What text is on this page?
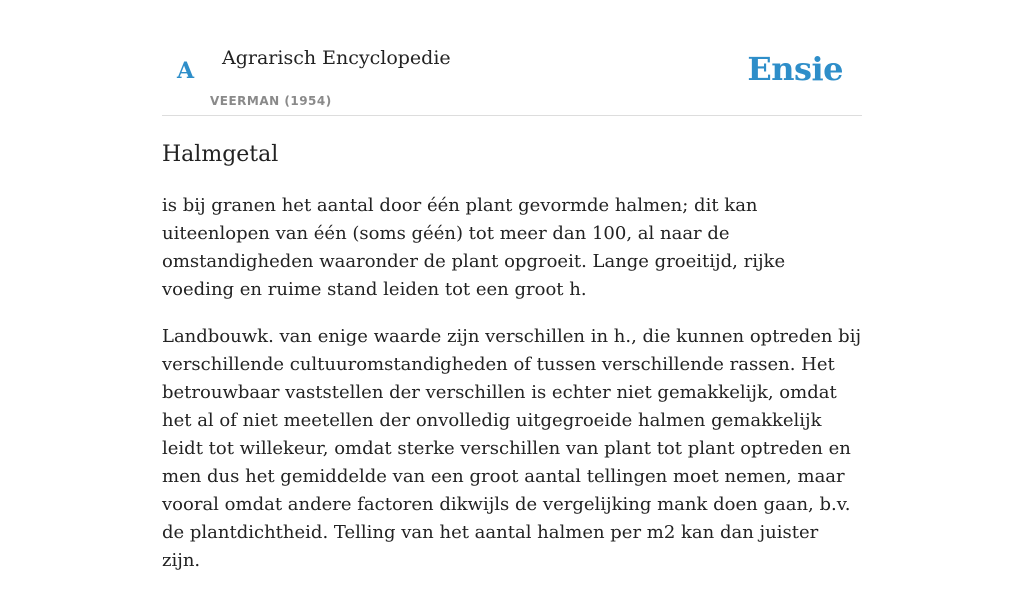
A Agrarisch Encyclopedie
VEERMAN (1954)
Ensie
Halmgetal

is bij granen het aantal door één plant gevormde halmen; dit kan uiteenlopen van één (soms géén) tot meer dan 100, al naar de omstandigheden waaronder de plant opgroeit. Lange groeitijd, rijke voeding en ruime stand leiden tot een groot h.

Landbouwk. van enige waarde zijn verschillen in h., die kunnen optreden bij verschillende cultuuromstandigheden of tussen verschillende rassen. Het betrouwbaar vaststellen der verschillen is echter niet gemakkelijk, omdat het al of niet meetellen der onvolledig uitgegroeide halmen gemakkelijk leidt tot willekeur, omdat sterke verschillen van plant tot plant optreden en men dus het gemiddelde van een groot aantal tellingen moet nemen, maar vooral omdat andere factoren dikwijls de vergelijking mank doen gaan, b.v. de plantdichtheid. Telling van het aantal halmen per m2 kan dan juister zijn.
